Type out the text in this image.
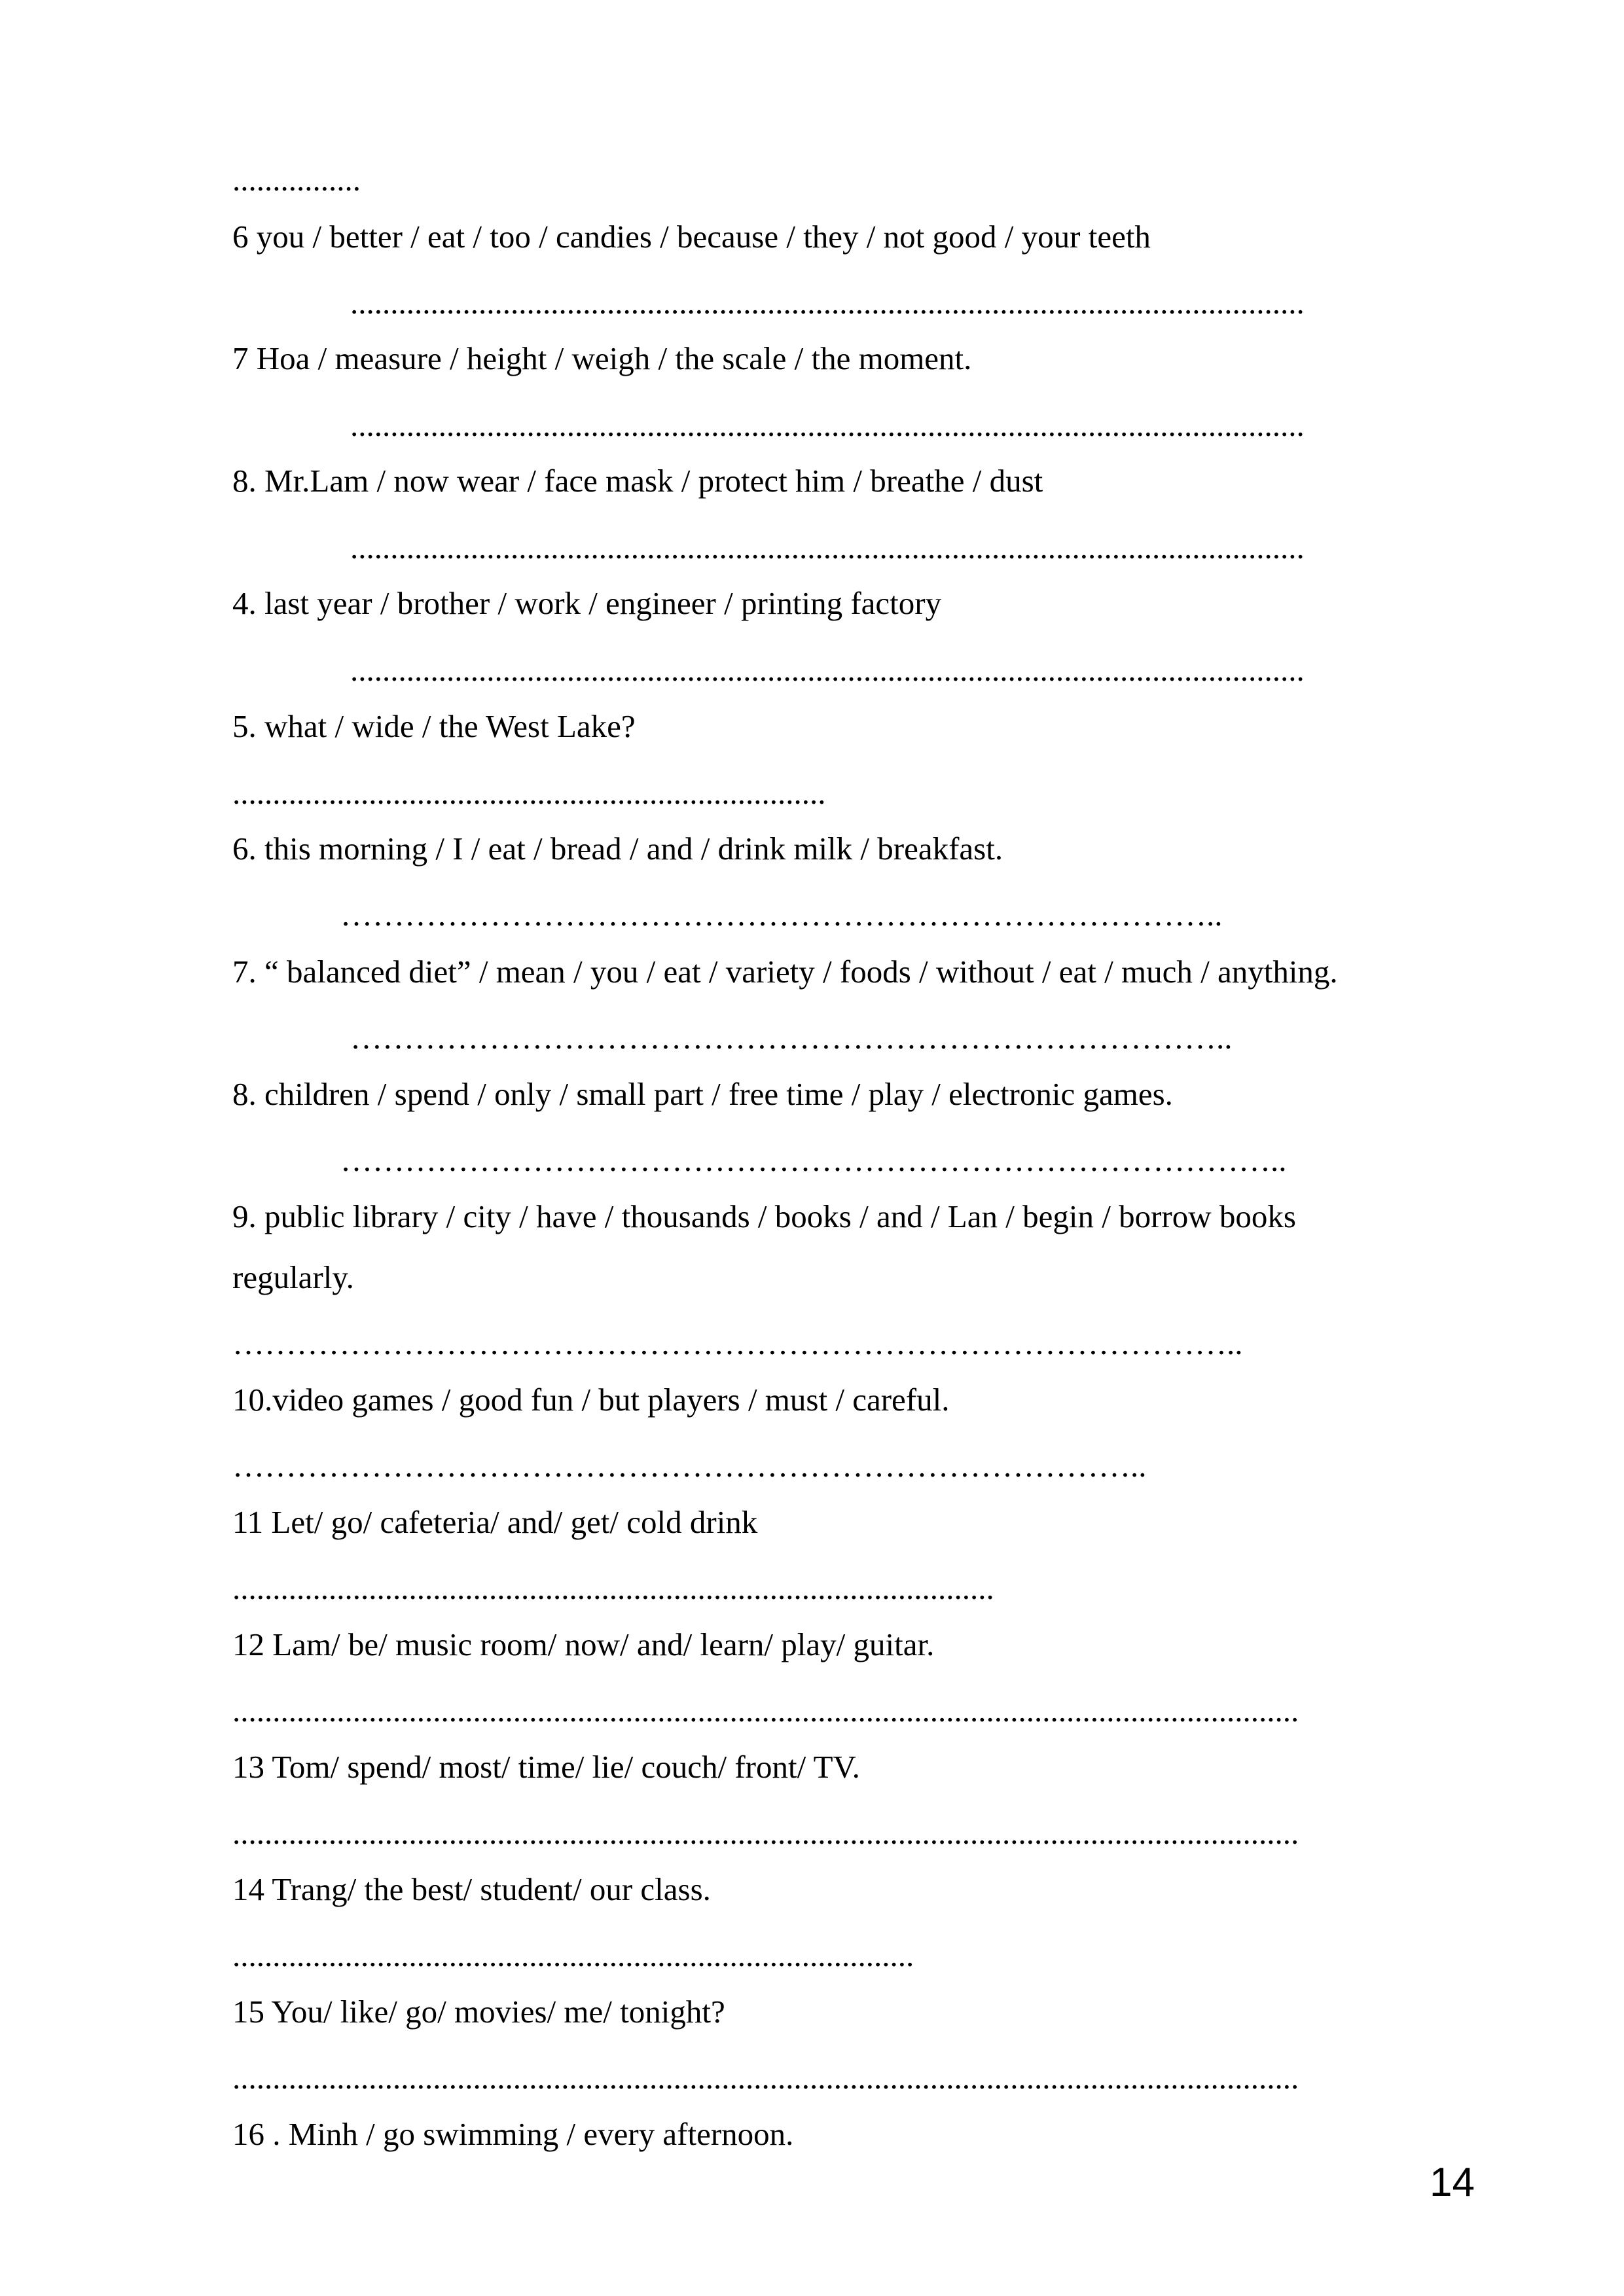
................
6 you / better / eat / too / candies / because / they / not good / your teeth
.......................................................................................................................
7 Hoa / measure / height / weigh / the scale / the moment.
.......................................................................................................................
8. Mr.Lam / now wear / face mask / protect him / breathe / dust
.......................................................................................................................
4. last year / brother / work / engineer / printing factory
.......................................................................................................................
5. what / wide / the West Lake?
..........................................................................
6. this morning / I / eat / bread / and / drink milk / breakfast.
………………………………………………………………………..
7. “ balanced diet” / mean / you / eat / variety / foods / without / eat / much / anything.
………………………………………………………………………..
8. children / spend / only / small part / free time / play / electronic games.
……………………………………………………………………………..
9. public library / city / have / thousands / books / and / Lan / begin / borrow books
regularly.
…………………………………………………………………………………..
10.video games / good fun / but players / must / careful.
…………………………………………………………………………..
11 Let/ go/ cafeteria/ and/ get/ cold drink
...............................................................................................
12 Lam/ be/ music room/ now/ and/ learn/ play/ guitar.
.....................................................................................................................................
13 Tom/ spend/ most/ time/ lie/ couch/ front/ TV.
.....................................................................................................................................
14 Trang/ the best/ student/ our class.
.....................................................................................
15 You/ like/ go/ movies/ me/ tonight?
.....................................................................................................................................
16 . Minh / go swimming / every afternoon.
14
